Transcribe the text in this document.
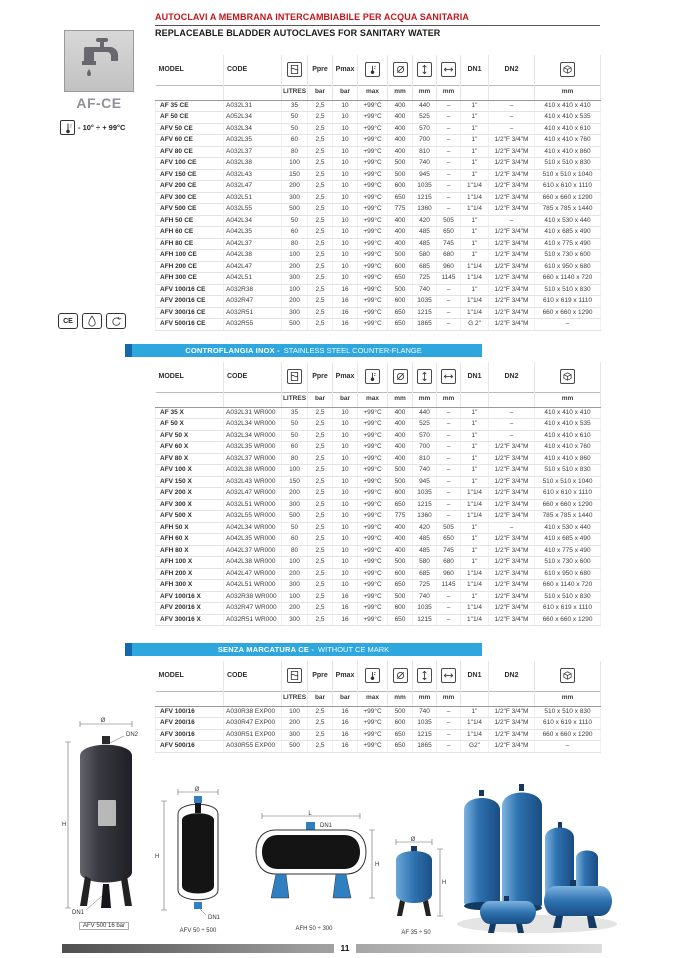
AUTOCLAVI A MEMBRANA INTERCAMBIABILE PER ACQUA SANITARIA
REPLACEABLE BLADDER AUTOCLAVES FOR SANITARY WATER
AF-CE
- 10° ÷ + 99°C
CE
MODEL	CODE		Ppre	Pmax					DN1	DN2	

		LITRES	bar	bar	max	mm	mm	mm			mm
AF 35 CE	A032L31	35	2,5	10	+99°C	400	440	–	1"	–	410 x 410 x 410
AF 50 CE	A052L34	50	2,5	10	+99°C	400	525	–	1"	–	410 x 410 x 535
AFV 50 CE	A032L34	50	2,5	10	+99°C	400	570	–	1"	–	410 x 410 x 610
AFV 60 CE	A032L35	60	2,5	10	+99°C	400	700	–	1"	1/2"F 3/4"M	410 x 410 x 760
AFV 80 CE	A032L37	80	2,5	10	+99°C	400	810	–	1"	1/2"F 3/4"M	410 x 410 x 860
AFV 100 CE	A032L38	100	2,5	10	+99°C	500	740	–	1"	1/2"F 3/4"M	510 x 510 x 830
AFV 150 CE	A032L43	150	2,5	10	+99°C	500	945	–	1"	1/2"F 3/4"M	510 x 510 x 1040
AFV 200 CE	A032L47	200	2,5	10	+99°C	600	1035	–	1"1/4	1/2"F 3/4"M	610 x 610 x 1110
AFV 300 CE	A032L51	300	2,5	10	+99°C	650	1215	–	1"1/4	1/2"F 3/4"M	660 x 660 x 1290
AFV 500 CE	A032L55	500	2,5	10	+99°C	775	1360	–	1"1/4	1/2"F 3/4"M	785 x 785 x 1440
AFH 50 CE	A042L34	50	2,5	10	+99°C	400	420	505	1"	–	410 x 530 x 440
AFH 60 CE	A042L35	60	2,5	10	+99°C	400	485	650	1"	1/2"F 3/4"M	410 x 685 x 490
AFH 80 CE	A042L37	80	2,5	10	+99°C	400	485	745	1"	1/2"F 3/4"M	410 x 775 x 490
AFH 100 CE	A042L38	100	2,5	10	+99°C	500	580	680	1"	1/2"F 3/4"M	510 x 730 x 600
AFH 200 CE	A042L47	200	2,5	10	+99°C	600	685	960	1"1/4	1/2"F 3/4"M	610 x 950 x 680
AFH 300 CE	A042L51	300	2,5	10	+99°C	650	725	1145	1"1/4	1/2"F 3/4"M	660 x 1140 x 720
AFV 100/16 CE	A032R38	100	2,5	16	+99°C	500	740	–	1"	1/2"F 3/4"M	510 x 510 x 830
AFV 200/16 CE	A032R47	200	2,5	16	+99°C	600	1035	–	1"1/4	1/2"F 3/4"M	610 x 619 x 1110
AFV 300/16 CE	A032R51	300	2,5	16	+99°C	650	1215	–	1"1/4	1/2"F 3/4"M	660 x 660 x 1290
AFV 500/16 CE	A032R55	500	2,5	16	+99°C	650	1865	–	G 2"	1/2"F 3/4"M	–
CONTROFLANGIA INOX - STAINLESS STEEL COUNTER-FLANGE
MODEL	CODE		Ppre	Pmax					DN1	DN2	

		LITRES	bar	bar	max	mm	mm	mm			mm
AF 35 X	A032L31 WR000	35	2,5	10	+99°C	400	440	–	1"	–	410 x 410 x 410
AF 50 X	A032L34 WR000	50	2,5	10	+99°C	400	525	–	1"	–	410 x 410 x 535
AFV 50 X	A032L34 WR000	50	2,5	10	+99°C	400	570	–	1"	–	410 x 410 x 610
AFV 60 X	A032L35 WR000	60	2,5	10	+99°C	400	700	–	1"	1/2"F 3/4"M	410 x 410 x 760
AFV 80 X	A032L37 WR000	80	2,5	10	+99°C	400	810	–	1"	1/2"F 3/4"M	410 x 410 x 860
AFV 100 X	A032L38 WR000	100	2,5	10	+99°C	500	740	–	1"	1/2"F 3/4"M	510 x 510 x 830
AFV 150 X	A032L43 WR000	150	2,5	10	+99°C	500	945	–	1"	1/2"F 3/4"M	510 x 510 x 1040
AFV 200 X	A032L47 WR000	200	2,5	10	+99°C	600	1035	–	1"1/4	1/2"F 3/4"M	610 x 610 x 1110
AFV 300 X	A032L51 WR000	300	2,5	10	+99°C	650	1215	–	1"1/4	1/2"F 3/4"M	660 x 660 x 1290
AFV 500 X	A032L55 WR000	500	2,5	10	+99°C	775	1360	–	1"1/4	1/2"F 3/4"M	785 x 785 x 1440
AFH 50 X	A042L34 WR000	50	2,5	10	+99°C	400	420	505	1"	–	410 x 530 x 440
AFH 60 X	A042L35 WR000	60	2,5	10	+99°C	400	485	650	1"	1/2"F 3/4"M	410 x 685 x 490
AFH 80 X	A042L37 WR000	80	2,5	10	+99°C	400	485	745	1"	1/2"F 3/4"M	410 x 775 x 490
AFH 100 X	A042L38 WR000	100	2,5	10	+99°C	500	580	680	1"	1/2"F 3/4"M	510 x 730 x 600
AFH 200 X	A042L47 WR000	200	2,5	10	+99°C	600	685	960	1"1/4	1/2"F 3/4"M	610 x 950 x 680
AFH 300 X	A042L51 WR000	300	2,5	10	+99°C	650	725	1145	1"1/4	1/2"F 3/4"M	660 x 1140 x 720
AFV 100/16 X	A032R38 WR000	100	2,5	16	+99°C	500	740	–	1"	1/2"F 3/4"M	510 x 510 x 830
AFV 200/16 X	A032R47 WR000	200	2,5	16	+99°C	600	1035	–	1"1/4	1/2"F 3/4"M	610 x 619 x 1110
AFV 300/16 X	A032R51 WR000	300	2,5	16	+99°C	650	1215	–	1"1/4	1/2"F 3/4"M	660 x 660 x 1290
SENZA MARCATURA CE - WITHOUT CE MARK
MODEL	CODE		Ppre	Pmax					DN1	DN2	

		LITRES	bar	bar	max	mm	mm	mm			mm
AFV 100/16	A030R38 EXP00	100	2,5	16	+99°C	500	740	–	1"	1/2"F 3/4"M	510 x 510 x 830
AFV 200/16	A030R47 EXP00	200	2,5	16	+99°C	600	1035	–	1"1/4	1/2"F 3/4"M	610 x 619 x 1110
AFV 300/16	A030R51 EXP00	300	2,5	16	+99°C	650	1215	–	1"1/4	1/2"F 3/4"M	660 x 660 x 1290
AFV 500/16	A030R55 EXP00	500	2,5	16	+99°C	650	1865	–	G2"	1/2"F 3/4"M	–
Ø
DN2
H
DN1
AFV 500 16 bar
Ø
H
DN1
AFV 50 ÷ 500
L
DN1
H
AFH 50 ÷ 300
Ø
H
AF 35 ÷ 50
11
